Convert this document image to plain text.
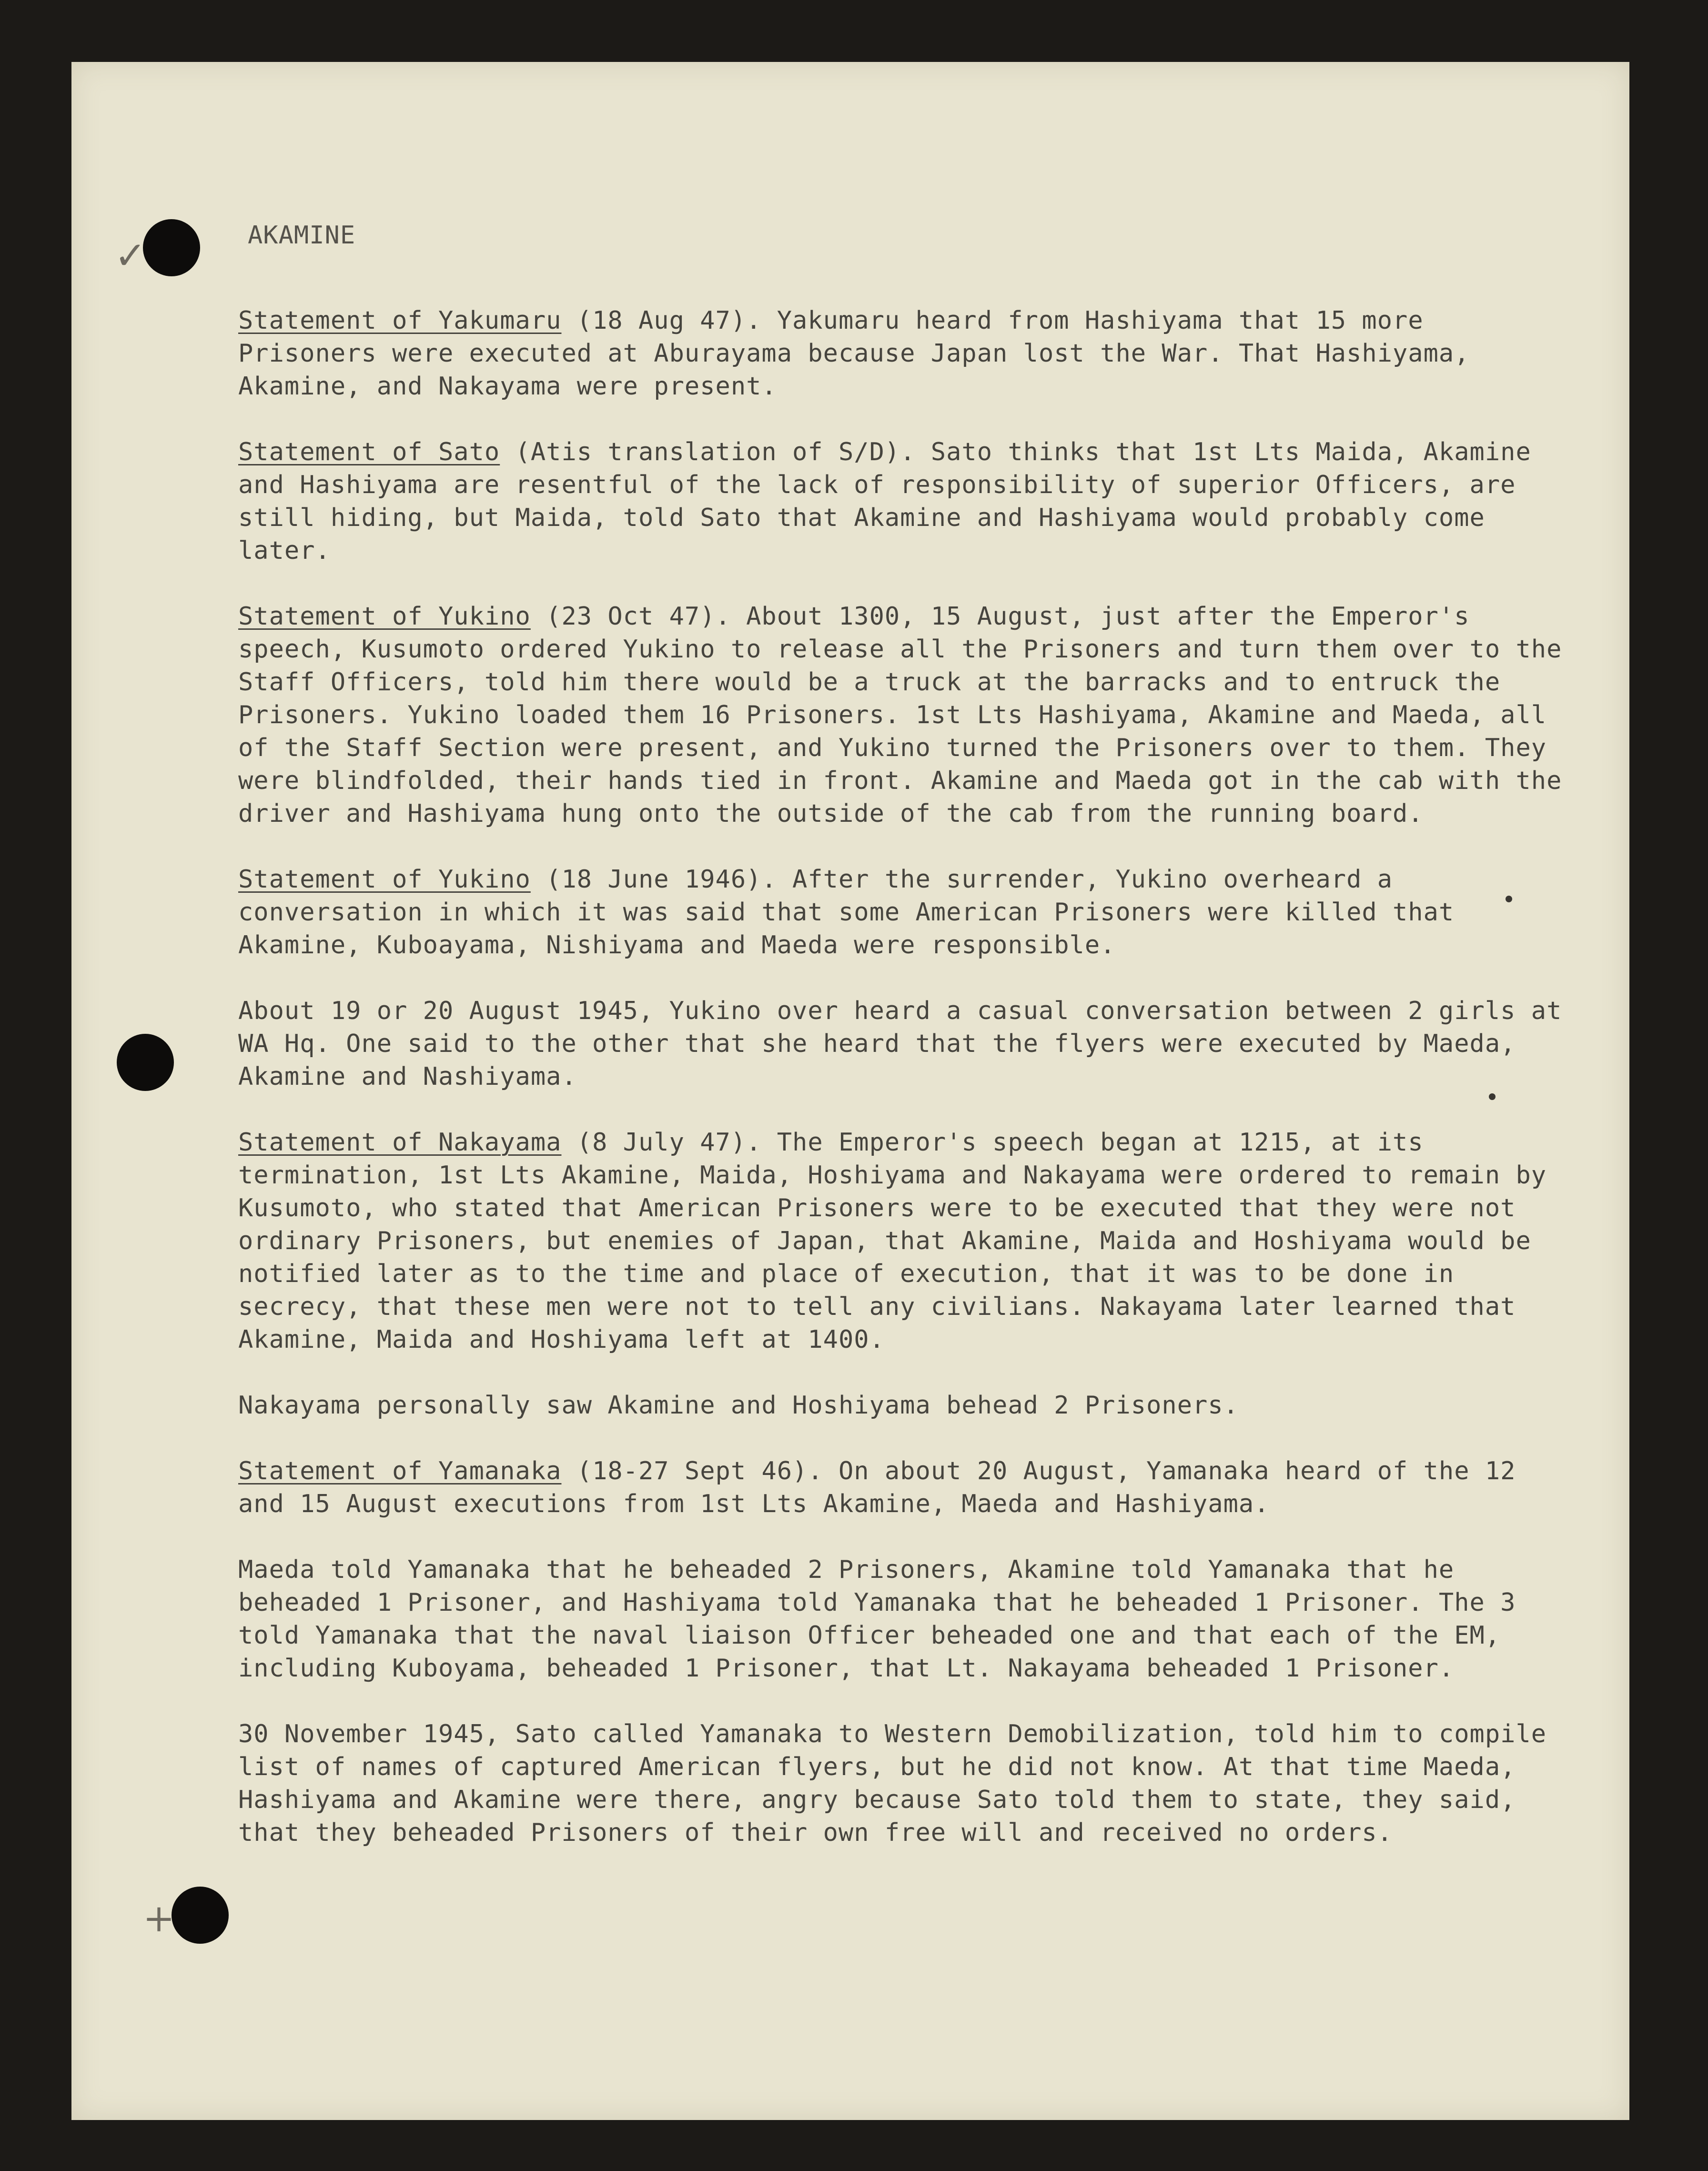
✓
+
AKAMINE
Statement of Yakumaru (18 Aug 47). Yakumaru heard from Hashiyama that 15 more Prisoners were executed at Aburayama because Japan lost the War. That Hashiyama, Akamine, and Nakayama were present.
Statement of Sato (Atis translation of S/D). Sato thinks that 1st Lts Maida, Akamine and Hashiyama are resentful of the lack of responsibility of superior Officers, are still hiding, but Maida, told Sato that Akamine and Hashiyama would probably come later.
Statement of Yukino (23 Oct 47). About 1300, 15 August, just after the Emperor's speech, Kusumoto ordered Yukino to release all the Prisoners and turn them over to the Staff Officers, told him there would be a truck at the barracks and to entruck the Prisoners. Yukino loaded them 16 Prisoners. 1st Lts Hashiyama, Akamine and Maeda, all of the Staff Section were present, and Yukino turned the Prisoners over to them. They were blindfolded, their hands tied in front. Akamine and Maeda got in the cab with the driver and Hashiyama hung onto the outside of the cab from the running board.
Statement of Yukino (18 June 1946). After the surrender, Yukino overheard a conversation in which it was said that some American Prisoners were killed that Akamine, Kuboayama, Nishiyama and Maeda were responsible.
About 19 or 20 August 1945, Yukino over heard a casual conversation between 2 girls at WA Hq. One said to the other that she heard that the flyers were executed by Maeda, Akamine and Nashiyama.
Statement of Nakayama (8 July 47). The Emperor's speech began at 1215, at its termination, 1st Lts Akamine, Maida, Hoshiyama and Nakayama were ordered to remain by Kusumoto, who stated that American Prisoners were to be executed that they were not ordinary Prisoners, but enemies of Japan, that Akamine, Maida and Hoshiyama would be notified later as to the time and place of execution, that it was to be done in secrecy, that these men were not to tell any civilians. Nakayama later learned that Akamine, Maida and Hoshiyama left at 1400.
Nakayama personally saw Akamine and Hoshiyama behead 2 Prisoners.
Statement of Yamanaka (18-27 Sept 46). On about 20 August, Yamanaka heard of the 12 and 15 August executions from 1st Lts Akamine, Maeda and Hashiyama.
Maeda told Yamanaka that he beheaded 2 Prisoners, Akamine told Yamanaka that he beheaded 1 Prisoner, and Hashiyama told Yamanaka that he beheaded 1 Prisoner. The 3 told Yamanaka that the naval liaison Officer beheaded one and that each of the EM, including Kuboyama, beheaded 1 Prisoner, that Lt. Nakayama beheaded 1 Prisoner.
30 November 1945, Sato called Yamanaka to Western Demobilization, told him to compile list of names of captured American flyers, but he did not know. At that time Maeda, Hashiyama and Akamine were there, angry because Sato told them to state, they said, that they beheaded Prisoners of their own free will and received no orders.
